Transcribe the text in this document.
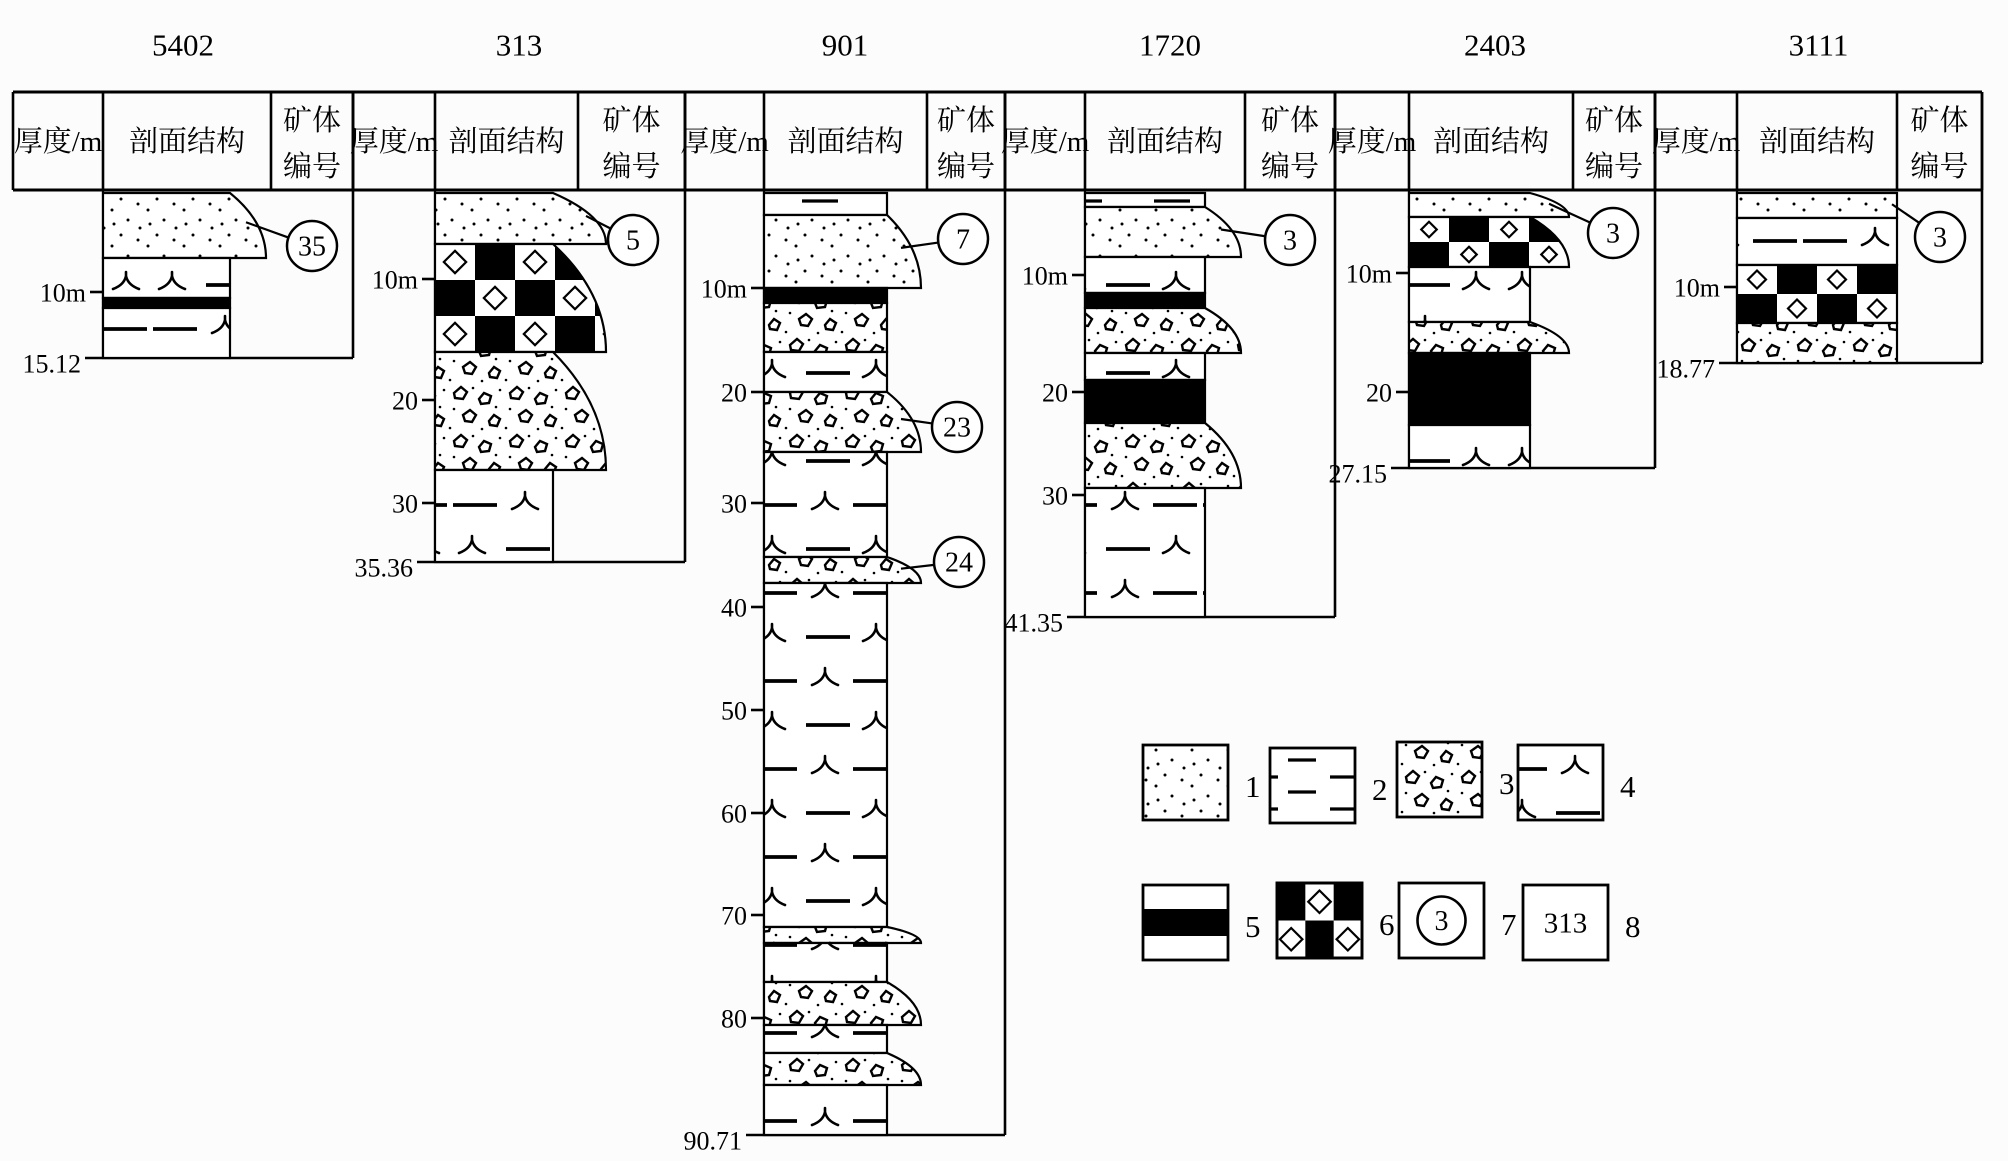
5402
厚度/m 剖面结构
矿体
编号
15.12
10m
35
313
厚度/m 剖面结构
矿体
编号
35.36
10m
20
30
5
901
厚度/m 剖面结构
矿体
编号
90.71
10m
20
30
40
50
60
70
80
7
23
24
1720
厚度/m 剖面结构
矿体
编号
41.35
10m
20
30
3
2403
厚度/m 剖面结构
矿体
编号
27.15
10m
20
3
3111
厚度/m 剖面结构
矿体
编号
18.77
10m
3
1	2	3	4
5	6 3 7 313 8
